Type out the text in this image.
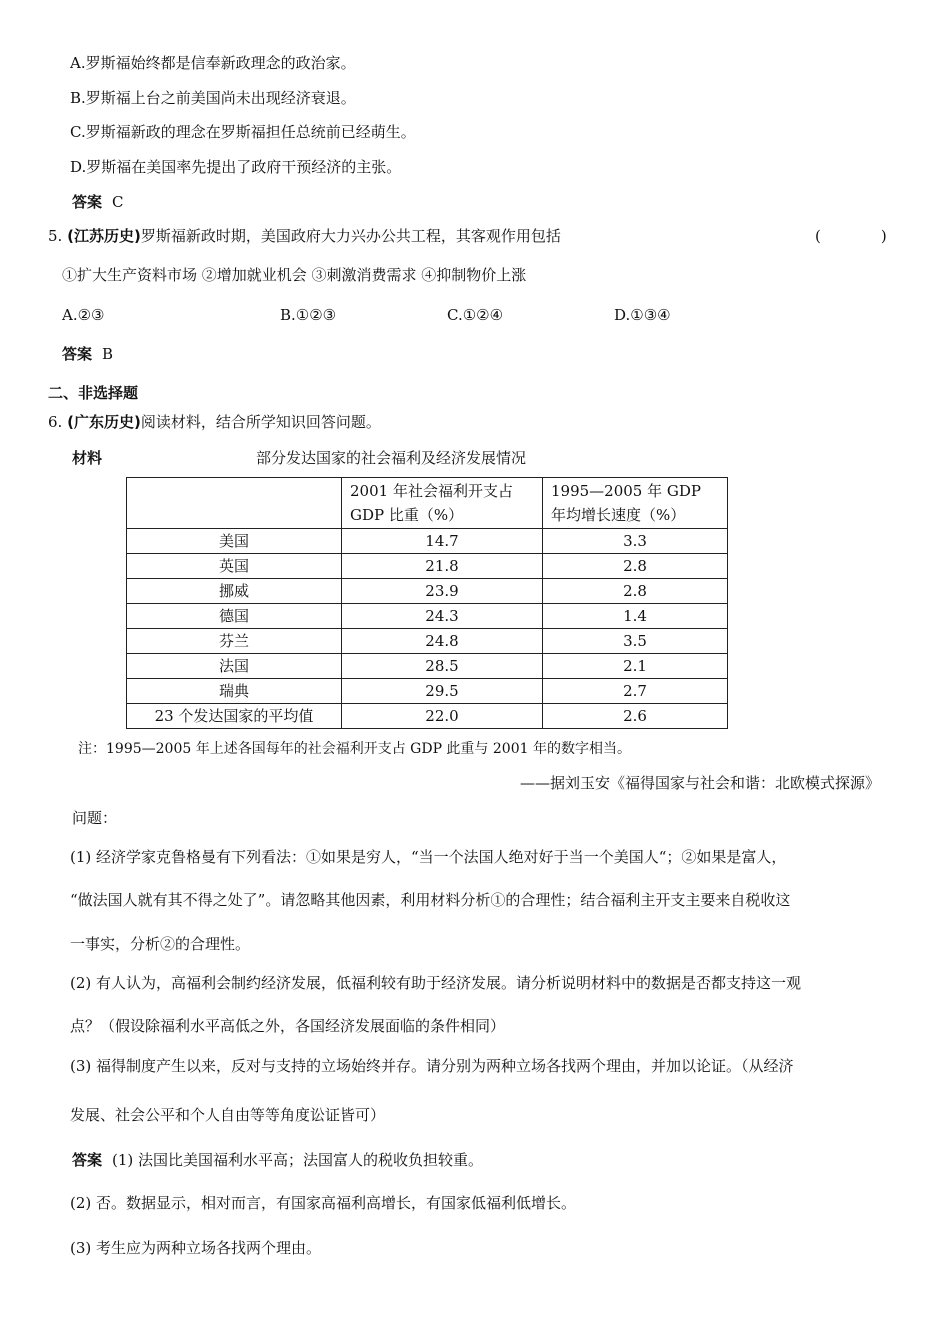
A.罗斯福始终都是信奉新政理念的政治家。
B.罗斯福上台之前美国尚未出现经济衰退。
C.罗斯福新政的理念在罗斯福担任总统前已经萌生。
D.罗斯福在美国率先提出了政府干预经济的主张。
答案 C
5. (江苏历史)罗斯福新政时期，美国政府大力兴办公共工程，其客观作用包括	(　　　　)
①扩大生产资料市场 ②增加就业机会 ③刺激消费需求 ④抑制物价上涨
A.②③	B.①②③	C.①②④	D.①③④
答案 B
二、非选择题
6. (广东历史)阅读材料，结合所学知识回答问题。
材料	部分发达国家的社会福利及经济发展情况
	2001 年社会福利开支占 GDP 比重（%）	1995—2005 年 GDP 年均增长速度（%）
美国	14.7	3.3
英国	21.8	2.8
挪威	23.9	2.8
德国	24.3	1.4
芬兰	24.8	3.5
法国	28.5	2.1
瑞典	29.5	2.7
23 个发达国家的平均值	22.0	2.6
注：1995—2005 年上述各国每年的社会福利开支占 GDP 此重与 2001 年的数字相当。
——据刘玉安《福得国家与社会和谐：北欧模式探源》
问题：
(1) 经济学家克鲁格曼有下列看法：①如果是穷人，“当一个法国人绝对好于当一个美国人“；②如果是富人，
“做法国人就有其不得之处了”。请忽略其他因素，利用材料分析①的合理性；结合福利主开支主要来自税收这
一事实，分析②的合理性。
(2) 有人认为，高福利会制约经济发展，低福利较有助于经济发展。请分析说明材料中的数据是否都支持这一观
点？（假设除福利水平高低之外，各国经济发展面临的条件相同）
(3) 福得制度产生以来，反对与支持的立场始终并存。请分别为两种立场各找两个理由，并加以论证。（从经济
发展、社会公平和个人自由等等角度讼证皆可）
答案 (1) 法国比美国福利水平高；法国富人的税收负担较重。
(2) 否。数据显示，相对而言，有国家高福利高增长，有国家低福利低增长。
(3) 考生应为两种立场各找两个理由。
